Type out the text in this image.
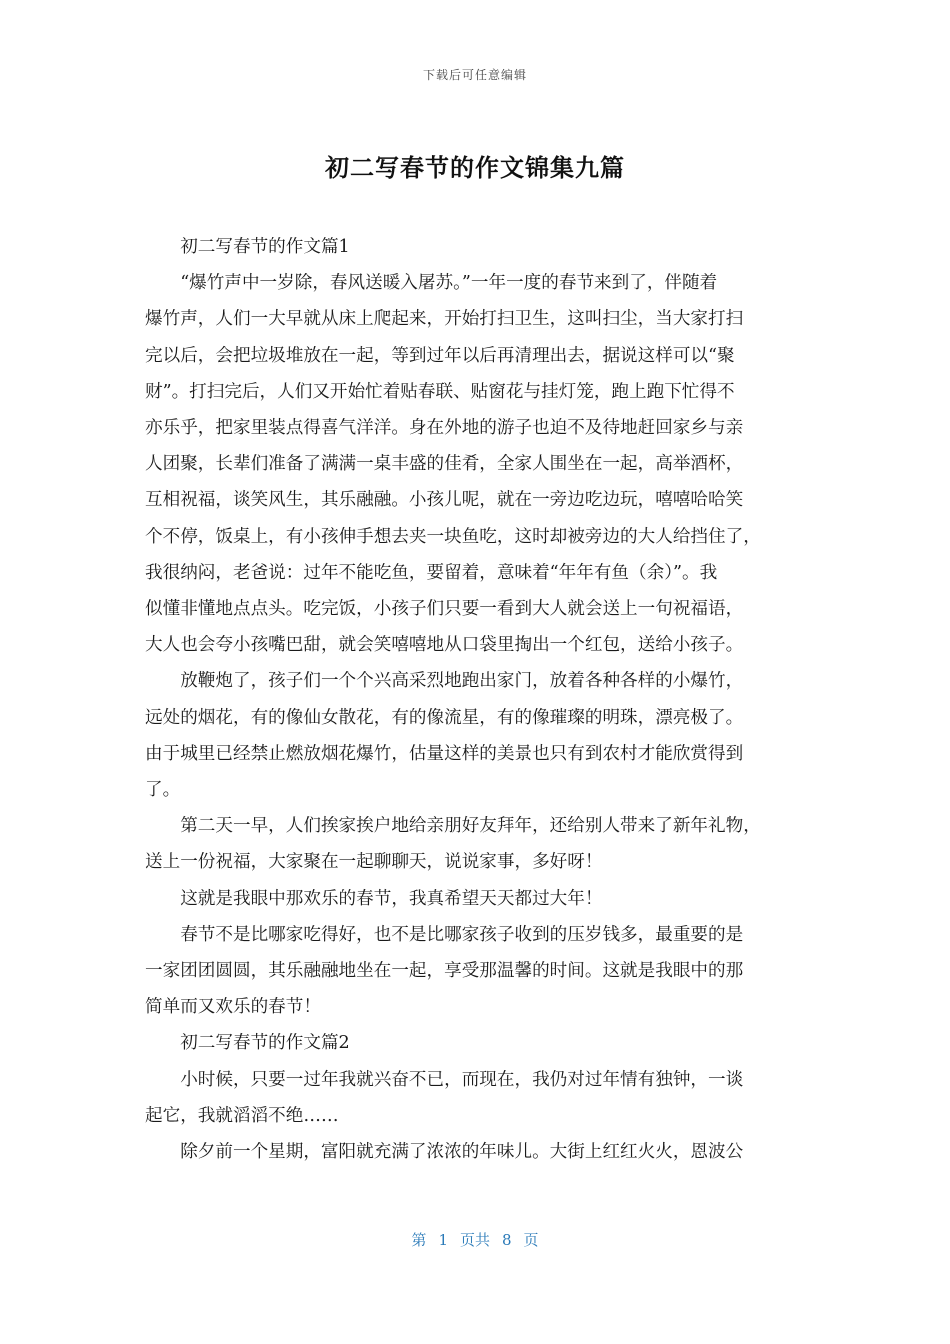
下载后可任意编辑
初二写春节的作文锦集九篇

初二写春节的作文篇1

“爆竹声中一岁除，春风送暖入屠苏。”一年一度的春节来到了，伴随着
爆竹声，人们一大早就从床上爬起来，开始打扫卫生，这叫扫尘，当大家打扫
完以后，会把垃圾堆放在一起，等到过年以后再清理出去，据说这样可以“聚
财”。打扫完后，人们又开始忙着贴春联、贴窗花与挂灯笼，跑上跑下忙得不
亦乐乎，把家里装点得喜气洋洋。身在外地的游子也迫不及待地赶回家乡与亲
人团聚，长辈们准备了满满一桌丰盛的佳肴，全家人围坐在一起，高举酒杯，
互相祝福，谈笑风生，其乐融融。小孩儿呢，就在一旁边吃边玩，嘻嘻哈哈笑
个不停，饭桌上，有小孩伸手想去夹一块鱼吃，这时却被旁边的大人给挡住了，
我很纳闷，老爸说：过年不能吃鱼，要留着，意味着“年年有鱼（余）”。我
似懂非懂地点点头。吃完饭，小孩子们只要一看到大人就会送上一句祝福语，
大人也会夸小孩嘴巴甜，就会笑嘻嘻地从口袋里掏出一个红包，送给小孩子。

放鞭炮了，孩子们一个个兴高采烈地跑出家门，放着各种各样的小爆竹，
远处的烟花，有的像仙女散花，有的像流星，有的像璀璨的明珠，漂亮极了。
由于城里已经禁止燃放烟花爆竹，估量这样的美景也只有到农村才能欣赏得到
了。

第二天一早，人们挨家挨户地给亲朋好友拜年，还给别人带来了新年礼物，
送上一份祝福，大家聚在一起聊聊天，说说家事，多好呀！

这就是我眼中那欢乐的春节，我真希望天天都过大年！

春节不是比哪家吃得好，也不是比哪家孩子收到的压岁钱多，最重要的是
一家团团圆圆，其乐融融地坐在一起，享受那温馨的时间。这就是我眼中的那
简单而又欢乐的春节！

初二写春节的作文篇2

小时候，只要一过年我就兴奋不已，而现在，我仍对过年情有独钟，一谈
起它，我就滔滔不绝……

除夕前一个星期，富阳就充满了浓浓的年味儿。大街上红红火火，恩波公

第 1 页共 8 页
